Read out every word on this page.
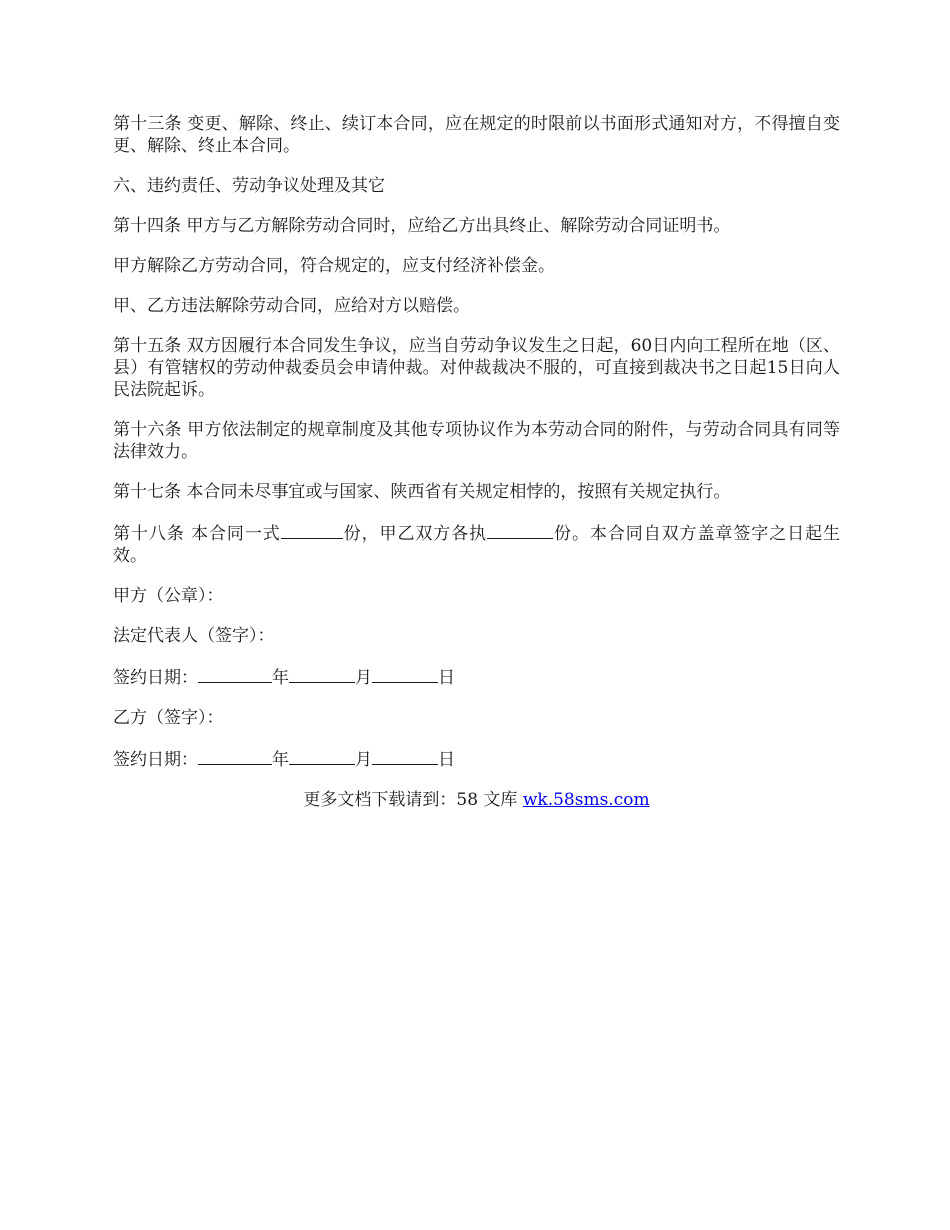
第十三条 变更、解除、终止、续订本合同，应在规定的时限前以书面形式通知对方，不得擅自变更、解除、终止本合同。

六、违约责任、劳动争议处理及其它

第十四条 甲方与乙方解除劳动合同时，应给乙方出具终止、解除劳动合同证明书。

甲方解除乙方劳动合同，符合规定的，应支付经济补偿金。

甲、乙方违法解除劳动合同，应给对方以赔偿。

第十五条 双方因履行本合同发生争议，应当自劳动争议发生之日起，60日内向工程所在地（区、县）有管辖权的劳动仲裁委员会申请仲裁。对仲裁裁决不服的，可直接到裁决书之日起15日向人民法院起诉。

第十六条 甲方依法制定的规章制度及其他专项协议作为本劳动合同的附件，与劳动合同具有同等法律效力。

第十七条 本合同未尽事宜或与国家、陕西省有关规定相悖的，按照有关规定执行。

第十八条 本合同一式	份，甲乙双方各执	份。本合同自双方盖章签字之日起生效。

甲方（公章）：

法定代表人（签字）：

签约日期：	年	月	日

乙方（签字）：

签约日期：	年	月	日

更多文档下载请到：58 文库 wk.58sms.com
